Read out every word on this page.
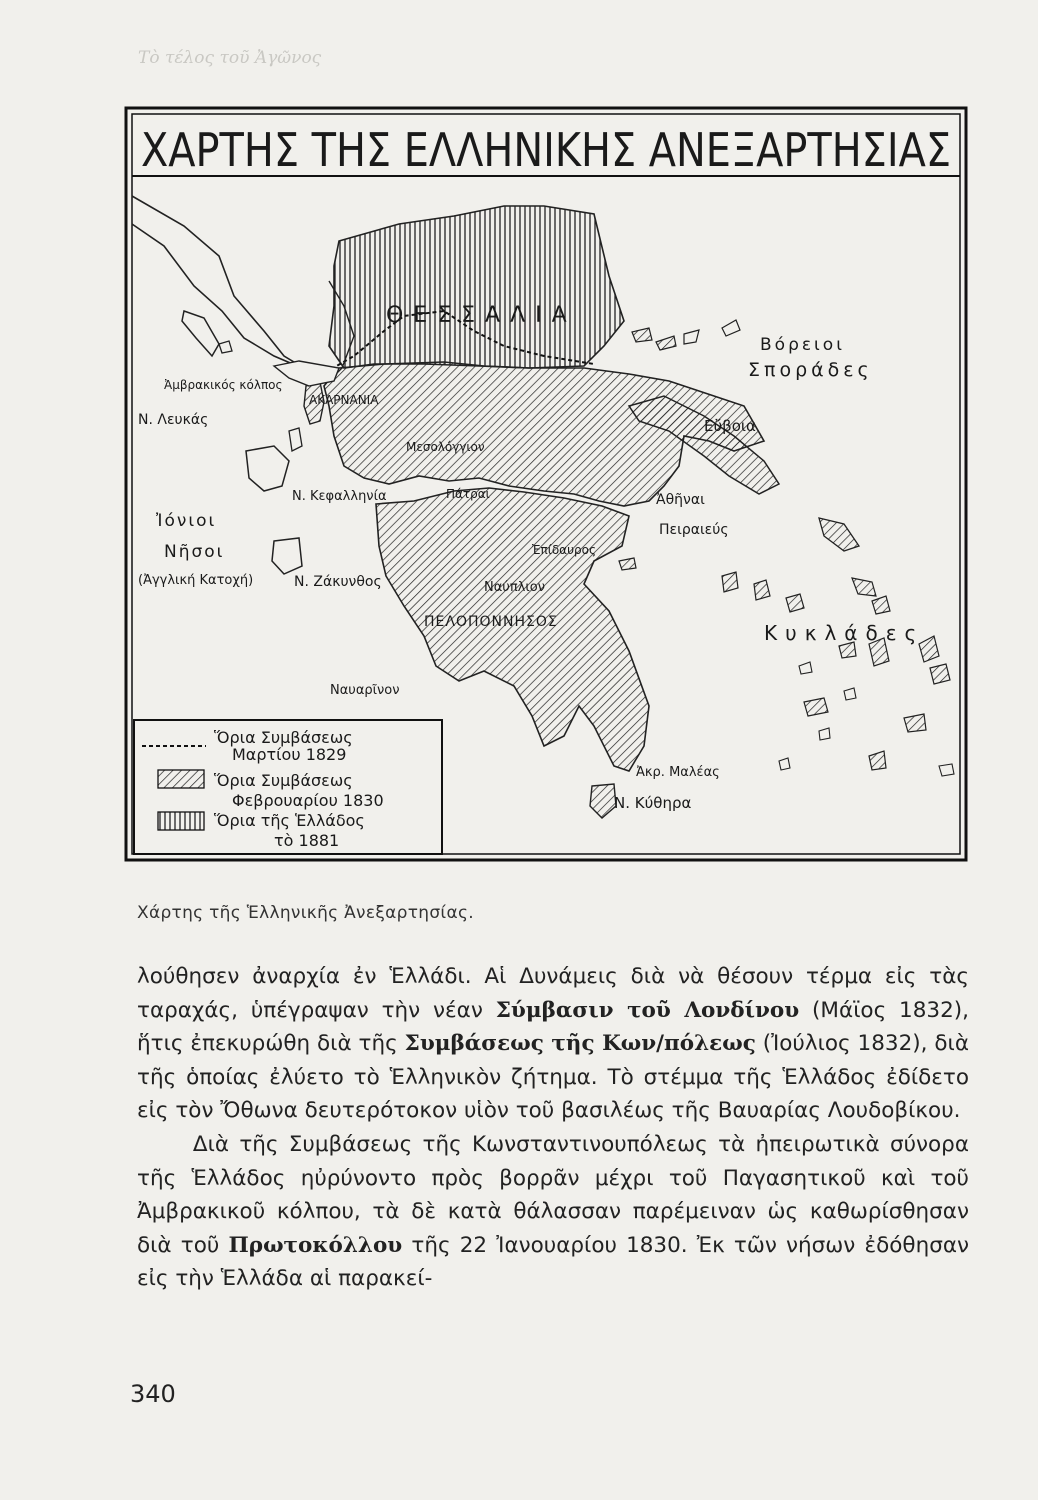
Τὸ τέλος τοῦ Ἀγῶνος
ΧΑΡΤΗΣ ΤΗΣ ΕΛΛΗΝΙΚΗΣ ΑΝΕΞΑΡΤΗΣΙΑΣ
ΘΕΣΣΑΛΙΑ
Βόρειοι
Σποράδες
Ἀμβρακικός κόλπος
Ν. Λευκάς
ΑΚΑΡΝΑΝΙΑ
Εὔβοια
Μεσολόγγιον
Ν. Κεφαλληνία	Πάτραι	Ἀθῆναι
Πειραιεύς
Ἰόνιοι
Νῆσοι
(Ἀγγλική Κατοχή)	Ν. Ζάκυνθος
Ἐπίδαυρος
Ναύπλιον
ΠΕΛΟΠΟΝΝΗΣΟΣ	Κυκλάδες
Ναυαρῖνον
Ἀκρ. Μαλέας
Ν. Κύθηρα
Ὅρια Συμβάσεως
Μαρτίου 1829
Ὅρια Συμβάσεως
Φεβρουαρίου 1830
Ὅρια τῆς Ἑλλάδος
τὸ 1881
Χάρτης τῆς Ἑλληνικῆς Ἀνεξαρτησίας.

λούθησεν ἀναρχία ἐν Ἑλλάδι. Αἱ Δυνάμεις διὰ νὰ θέσουν τέρμα εἰς τὰς ταραχάς, ὑπέγραψαν τὴν νέαν Σύμβασιν τοῦ Λονδίνου (Μάϊος 1832), ἥτις ἐπεκυρώθη διὰ τῆς Συμβάσεως τῆς Κων/πόλεως (Ἰούλιος 1832), διὰ τῆς ὁποίας ἐλύετο τὸ Ἑλληνικὸν ζήτημα. Τὸ στέμμα τῆς Ἑλλάδος ἐδίδετο εἰς τὸν Ὄθωνα δευτερότοκον υἱὸν τοῦ βασιλέως τῆς Βαυαρίας Λουδοβίκου.

Διὰ τῆς Συμβάσεως τῆς Κωνσταντινουπόλεως τὰ ἠπειρωτικὰ σύνορα τῆς Ἑλλάδος ηὐρύνοντο πρὸς βορρᾶν μέχρι τοῦ Παγασητικοῦ καὶ τοῦ Ἀμβρακικοῦ κόλπου, τὰ δὲ κατὰ θάλασσαν παρέμειναν ὡς καθωρίσθησαν διὰ τοῦ Πρωτοκόλλου τῆς 22 Ἰανουαρίου 1830. Ἐκ τῶν νήσων ἐδόθησαν εἰς τὴν Ἑλλάδα αἱ παρακεί-

340
